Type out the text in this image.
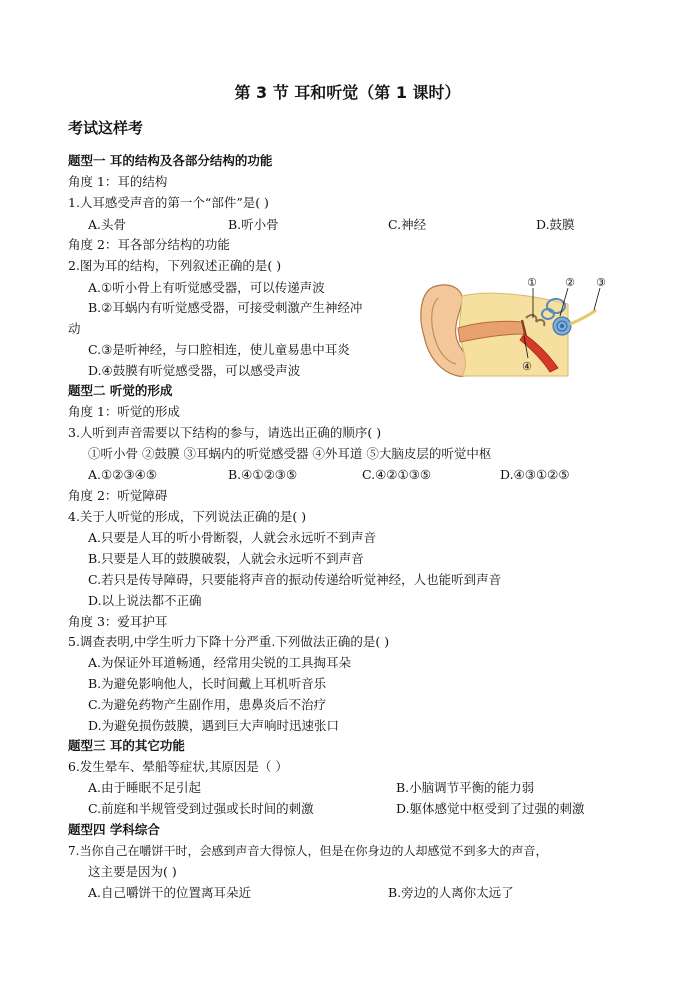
第 3 节 耳和听觉（第 1 课时）
考试这样考
题型一 耳的结构及各部分结构的功能
角度 1：耳的结构
1.人耳感受声音的第一个“部件”是( )
A.头骨	B.听小骨	C.神经	D.鼓膜
角度 2：耳各部分结构的功能
2.图为耳的结构，下列叙述正确的是( )
A.①听小骨上有听觉感受器，可以传递声波
B.②耳蜗内有听觉感受器，可接受刺激产生神经冲
动
C.③是听神经，与口腔相连，使儿童易患中耳炎
D.④鼓膜有听觉感受器，可以感受声波
①	② ③
④
题型二 听觉的形成
角度 1：听觉的形成
3.人听到声音需要以下结构的参与，请选出正确的顺序( )
①听小骨 ②鼓膜 ③耳蜗内的听觉感受器 ④外耳道 ⑤大脑皮层的听觉中枢
A.①②③④⑤	B.④①②③⑤	C.④②①③⑤	D.④③①②⑤
角度 2：听觉障碍
4.关于人听觉的形成，下列说法正确的是( )
A.只要是人耳的听小骨断裂，人就会永远听不到声音
B.只要是人耳的鼓膜破裂，人就会永远听不到声音
C.若只是传导障碍，只要能将声音的振动传递给听觉神经，人也能听到声音
D.以上说法都不正确
角度 3：爱耳护耳
5.调查表明,中学生听力下降十分严重.下列做法正确的是( )
A.为保证外耳道畅通，经常用尖锐的工具掏耳朵
B.为避免影响他人，长时间戴上耳机听音乐
C.为避免药物产生副作用，患鼻炎后不治疗
D.为避免损伤鼓膜，遇到巨大声响时迅速张口
题型三 耳的其它功能
6.发生晕车、晕船等症状,其原因是（ ）
A.由于睡眠不足引起	B.小脑调节平衡的能力弱
C.前庭和半规管受到过强或长时间的刺激	D.躯体感觉中枢受到了过强的刺激
题型四 学科综合
7.当你自己在嚼饼干时，会感到声音大得惊人，但是在你身边的人却感觉不到多大的声音，
这主要是因为( )
A.自己嚼饼干的位置离耳朵近	B.旁边的人离你太远了
